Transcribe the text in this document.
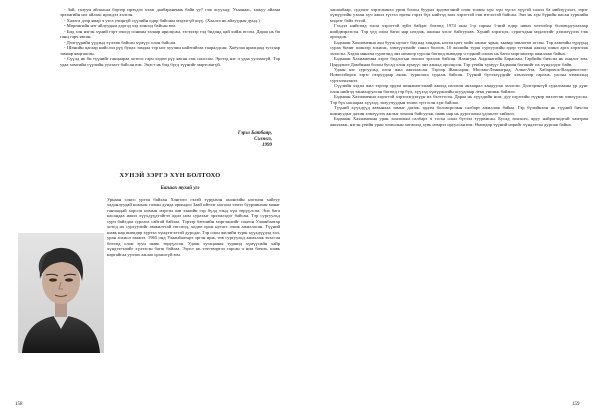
- Зай, галуун айлаасаа бэрээр ирэхдээ хэлж даабараненнь байв уу? гэж асуухад: Ухаанаас, хажуу айлын эрхэнгийн нэг айлаас ирэхдээ хэлсэн.

- Хаалга дээр ямар ч утга учиргүй сүүлийн өдөр байснаа мэдээгүй шүү. (Хаалга нь айлуудын дунд.)

- Мөрөнгийн нэг айлуудын дэргэд хэд хоноод байсан юм.

- Бид хэн нэгэн хүний гэрт очоод сонины талаар ярилцсан, тэгэхээр тэд бидэнд цай хийж өгсөн. Дараа нь би ганц гарч явсан.

- Дэлгүүрийн үүдэнд хүлээж байсан хүмүүс олон байсан.

- Шөнийн цагаар нийслэл рүү буцах замдаа тэр нэг хуучин найзтайгаа тааралдсан. Хоёулаа ярилцаад тусгаар замаар явцгаасан.

- Сүүлд нь би түүнийг ганцаараа хотоос гарч хөдөө рүү явсан гэж сонссон. Эргээд нэг ч удаа уулзаагүй. Тэр удаа хамгийн сүүлийн уулзалт байсан юм. Эцэст нь бид бүгд түүнийг мартсангүй.

Гэрэл Батбаяр,
Сэлэнгэ,
1999
ХУНЭЙ ЗЭРГЭ ХҮН БОЛТОХО
Багшах тухай угэ

Урнаан сонго ургэн байхан Хэнгито гэлэй түрүнхэн ононгийн нэгэнэн хайгуу хадонлуудай номхон талын дунда орындоо Заай ийтээг ногоон тэмээ бууриинхан манаг ганчаадай хорсон номын мэргэн аав ээжийн гэр бүлд тэнд хүн төрүүлсэн. Энэ бага насандаа ижил хүүхдүүдтэйгээ адил ном сурахыг эрхэмлэдэг байсан. Тэр сургуульд сурч байхдаа сурлага сайтай байлаа. Тэрээр багшийн мэргэжлийг сонгон Улаанбаатар хотод их сургуулийг амжилттай төгсөөд, хөдөө орон нутагт очиж ажилласан. Түүний шавь нар өнөөдөр хүртэл хүндэтгэлтэй дурсдаг. Тэр олон жилийн турш хүүхдүүдэд хэл, уран зохиол заажээ. 1965 онд Улаанбаатарт эргэн ирж, төв сургуульд ажиллаж эхэлсэн бөгөөд олон зуун шавь төрүүлсэн. Удаан хугацааны туршид хүмүүсийн хайр хүндэтгэлийг хүлээсэн багш байлаа. Эцэст нь тэтгэвэртээ гарсан ч ном бичих, шавь нартайгаа уулзах ажлаа орхиогүй юм.

158

хашаабаар, сүдэнэг хэрэгжинхэ урин болон буурал эрдэмтэний олон тооны хүн хүн хүсэл хүүгэй сахил ба нийлүүлэлт, зэрэг хүмүүсийн ухаан хүч ажил зүтгэл өргөн гэрээ бүх нийтэд заах хэрэгтэй гэж итгэлтэй байсан. Энэ нь хүн бүрийн насан туршийн мэдлэг байх ёстой.

Гэхдээ нийгэмд олон хэрэгтэй зүйл байдаг бөгөөд 1974 оны 1-р сарын 1-ний өдөр шинэ хөтөлбөр боловсруулахаар шийдвэрлэсэн. Тэр үед олон багш нар нэгдэж, ажлын хэсэг байгуулав. Хүний хэрэгцээ, сурагчдын мэдлэгийг дээшлүүлэх гэж оролдов.

Бадмаан Хахиаменна ахн бууж нутагт бидэнд хандаж, нэгэн цагт хийх ажлыг ярьж, заавар зөвлөгөө өгсөн. Тэр хамгийн түрүүнд сурах бичиг шинээр зохиож, хэвлүүлэхийг санал болгов. 10 жилийн турш сургуулийн өдөр тутмын ажилд шинэ арга хэрэглэж эхэлсэн. Хэдэн мянган сурагчид энэ номоор сурсан бөгөөд өнөөдөр ч тэдний олонх нь багш мэргэжлээр ажиллаж байна.

Бадмаан Хахиаменна хэрэг бодлогын зохиол эрхэлж байсан. Ялангуяа Андинагийн Барасаан, Гарбийн бичсэн нь онцлог юм. Цырдэнээ Дамбинаа болон бусад олон хүмүүс энэ ажилд оролцсон. Тэр үеийн хүмүүс Бадмаан багшийг их хүндэлдэг байв.

Удаан нэг сургуульд олон жил ажилласан. Тэрээр Жамсаран, Москва-Ленинград, Алма-Ата, Хабаровск-Владивосток-Новосибирск зэрэг газруудаар аялж, туршлага судалж байсан. Түүний бүтээлүүдийг хэвлэлээр гаргаж, улсын хэмжээнд сурталчилжээ.

Сүүлийн хэдэн жил тэрээр эрдэм шинжилгээний ажилд ихээхэн анхаарал хандуулж эхэлсэн. Дэлгэрэнгүй судалгааны үр дүнг олон нийтэд танилцуулсан бөгөөд гэр бүл, хүүхэд хүмүүжлийн асуудлаар лекц уншиж байжээ.

Бадмаан Хахиаменна хэрэгтэй хэрэглэгдэхүүн их бэлтгэсэн. Дараа нь хүүхдийн ном, дуу шүлгийн түүвэр эмхэтгэж хэвлүүлсэн. Тэр бүх насаараа хүүхэд, залуучуудын төлөө зүтгэсэн хүн байлаа.

Түүний хүүхдүүд аавынхаа замыг дагаж, эрдэм боловсролын салбарт ажиллаж байна. Гэр бүлийнхэн нь түүний бичсэн номнуудыг дахин хэвлүүлэх ажлыг зохион байгуулж, шавь нар нь дурсгалын үдэшлэг хийжээ.

Бадмаан Хахиаменна уран зохиолын салбарт ч гэсэн олон бүтээл туурвисан. Бусад зохиолч, яруу найрагчидтай хамтран ажиллаж, нэгэн үеийн уран зохиолын хөгжилд хувь нэмрээ оруулсан юм. Өнөөдөр түүний нэрийг хүндэтгэн дурсаж байна.

159
